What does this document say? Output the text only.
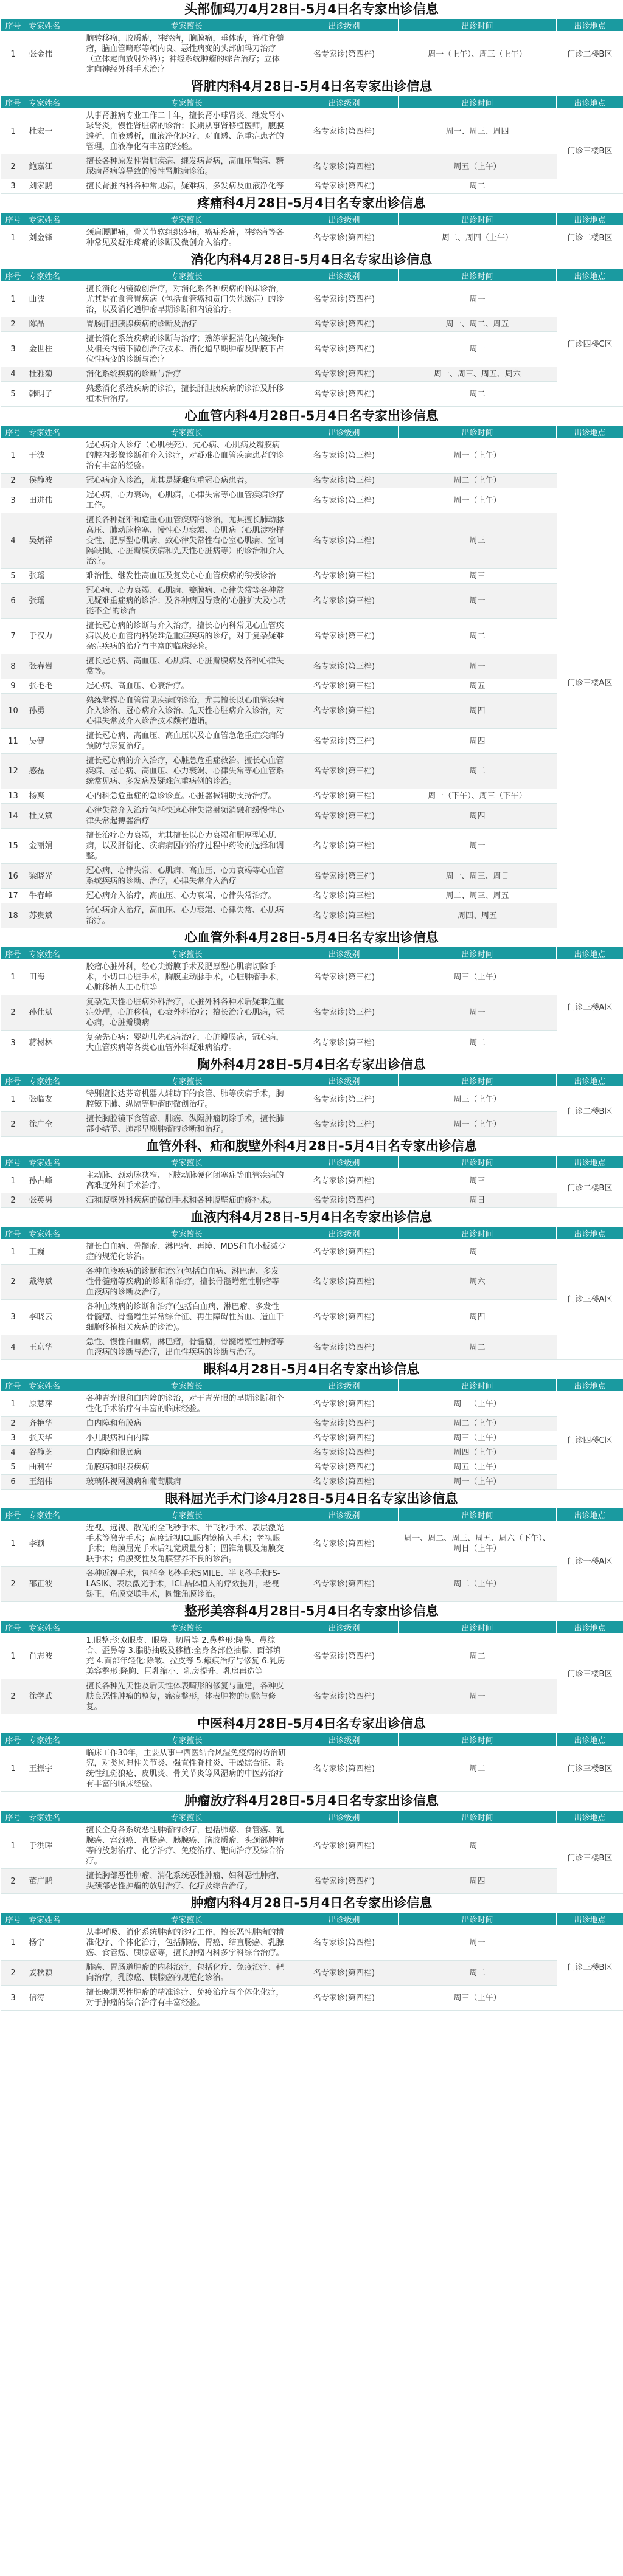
头部伽玛刀4月28日-5月4日名专家出诊信息
序号	专家姓名	专家擅长	出诊级别	出诊时间	出诊地点
1	张金伟	脑转移瘤，胶质瘤，神经瘤，脑膜瘤，垂体瘤，脊柱脊髓瘤，脑血管畸形等颅内良、恶性病变的头部伽玛刀治疗（立体定向放射外科）；神经系统肿瘤的综合治疗；立体定向神经外科手术治疗	名专家诊(第四档)	周一（上午）、周三（上午）	门诊二楼B区
肾脏内科4月28日-5月4日名专家出诊信息
序号	专家姓名	专家擅长	出诊级别	出诊时间	出诊地点
1	杜宏一	从事肾脏病专业工作二十年，擅长肾小球肾炎、继发肾小球肾炎，慢性肾脏病的诊治；长期从事肾移植医师，腹膜透析，血液透析，血液净化医疗，对血透、危重症患者的管理，血液净化有丰富的经验。	名专家诊(第四档)	周一、周三、周四	门诊三楼B区
2	鲍嘉江	擅长各种原发性肾脏疾病、继发病肾病，高血压肾病、糖尿病肾病等导致的慢性肾脏病诊治。	名专家诊(第四档)	周五（上午）	
3	刘家鹏	擅长肾脏内科各种常见病，疑难病，多发病及血液净化等	名专家诊(第四档)	周二	
疼痛科4月28日-5月4日名专家出诊信息
序号	专家姓名	专家擅长	出诊级别	出诊时间	出诊地点
1	刘金锋	颈肩腰腿痛，骨关节软组织疼痛，癌症疼痛，神经痛等各种常见及疑难疼痛的诊断及微创介入治疗。	名专家诊(第四档)	周二、周四（上午）	门诊二楼B区
消化内科4月28日-5月4日名专家出诊信息
序号	专家姓名	专家擅长	出诊级别	出诊时间	出诊地点
1	曲波	擅长消化内镜微创治疗，对消化系各种疾病的临床诊治，尤其是在食管胃疾病（包括食管癌和贲门失弛缓症）的诊治，以及消化道肿瘤早期诊断和内镜治疗。	名专家诊(第四档)	周一	门诊四楼C区
2	陈晶	胃肠肝胆胰腺疾病的诊断及治疗	名专家诊(第四档)	周一、周二、周五	
3	金世柱	擅长消化系统疾病的诊断与治疗；熟练掌握消化内镜操作及相关内镜下微创治疗技术、消化道早期肿瘤及贴膜下占位性病变的诊断与治疗	名专家诊(第四档)	周一	
4	杜雅菊	消化系统疾病的诊断与治疗	名专家诊(第四档)	周一、周三、周五、周六	
5	韩明子	熟悉消化系统疾病的诊治，擅长肝胆胰疾病的诊治及肝移植术后治疗。	名专家诊(第四档)	周二	
心血管内科4月28日-5月4日名专家出诊信息
序号	专家姓名	专家擅长	出诊级别	出诊时间	出诊地点
1	于波	冠心病介入诊疗（心肌梗死）、先心病、心肌病及瓣膜病的腔内影像诊断和介入诊疗，对疑难心血管疾病患者的诊治有丰富的经验。	名专家诊(第三档)	周一（上午）	门诊三楼A区
2	侯静波	冠心病介入诊治，尤其是疑难危重冠心病患者。	名专家诊(第三档)	周二（上午）	
3	田进伟	冠心病，心力衰竭，心肌病，心律失常等心血管疾病诊疗工作。	名专家诊(第三档)	周一（上午）	
4	吴炳祥	擅长各种疑难和危重心血管疾病的诊治，尤其擅长肺动脉高压、肺动脉栓塞、慢性心力衰竭、心肌病（心肌淀粉样变性、肥厚型心肌病、致心律失常性右心室心肌病、室间隔缺损、心脏瓣膜疾病和先天性心脏病等）的诊治和介入治疗。	名专家诊(第三档)	周三	
5	张瑶	难治性、继发性高血压及复发心心血管疾病的积极诊治	名专家诊(第三档)	周三	
6	张瑶	冠心病、心力衰竭、心肌病、瓣膜病、心律失常等各种常见疑难重症病的诊治；及各种病因导致的'心脏扩大及心功能不全'的诊治	名专家诊(第三档)	周一	
7	于汉力	擅长冠心病的诊断与介入治疗，擅长心内科常见心血管疾病以及心血管内科疑难危重症疾病的诊疗，对于复杂疑难杂症疾病的治疗有丰富的临床经验。	名专家诊(第三档)	周二	
8	张春岩	擅长冠心病、高血压、心肌病、心脏瓣膜病及各种心律失常等。	名专家诊(第三档)	周一	
9	张毛毛	冠心病、高血压、心衰治疗。	名专家诊(第三档)	周五	
10	孙勇	熟练掌握心血管常见疾病的诊治，尤其擅长以心血管疾病介入诊治、冠心病介入诊治、先天性心脏病介入诊治，对心律失常及介入诊治技术颇有造诣。	名专家诊(第三档)	周四	
11	吴健	擅长冠心病、高血压、高血压以及心血管急危重症疾病的预防与康复治疗。	名专家诊(第三档)	周四	
12	感磊	擅长冠心病的介入治疗，心脏急危重症救治。擅长心血管疾病、冠心病、高血压、心力衰竭、心律失常等心血管系统常见病、多发病及疑难危重病例的诊治。	名专家诊(第三档)	周二	
13	杨爽	心内科急危重症的急诊诊查。心脏器械辅助支持治疗。	名专家诊(第三档)	周一（下午）、周三（下午）	
14	杜文斌	心律失常介入治疗包括快速心律失常射频消融和缓慢性心律失常起搏器治疗	名专家诊(第三档)	周四	
15	金丽娟	擅长治疗心力衰竭，尤其擅长以心力衰竭和肥厚型心肌病，以及肝衍化、疾病病因的治疗过程中药物的选择和调整。	名专家诊(第三档)	周一	
16	梁晓光	冠心病、心律失常、心肌病、高血压、心力衰竭等心血管系统疾病的诊断、治疗，心律失常介入治疗	名专家诊(第三档)	周一、周三、周日	
17	牛春峰	冠心病介入治疗，高血压、心力衰竭、心律失常治疗。	名专家诊(第三档)	周二、周三、周五	
18	苏贵斌	冠心病介入治疗，高血压、心力衰竭、心律失常、心肌病治疗。	名专家诊(第三档)	周四、周五	
心血管外科4月28日-5月4日名专家出诊信息
序号	专家姓名	专家擅长	出诊级别	出诊时间	出诊地点
1	田海	胶瘤心脏外科，经心尖瓣膜手术及肥厚型心肌病切除手术，小切口心脏手术，胸腹主动脉手术，心脏肿瘤手术，心脏移植人工心脏等	名专家诊(第三档)	周三（上午）	门诊三楼A区
2	孙仕斌	复杂先天性心脏病外科治疗，心脏外科各种术后疑难危重症处理，心脏移植，心衰外科治疗；擅长治疗心肌病，冠心病，心脏瓣膜病	名专家诊(第三档)	周一	
3	蒋树林	复杂先心病：婴幼儿先心病治疗，心脏瓣膜病，冠心病，大血管疾病等各类心血管外科疑难病治疗。	名专家诊(第三档)	周二	
胸外科4月28日-5月4日名专家出诊信息
序号	专家姓名	专家擅长	出诊级别	出诊时间	出诊地点
1	张临友	特别擅长达芬奇机器人辅助下的食管、肺等疾病手术，胸腔镜下肺、纵隔等肿瘤的微创治疗。	名专家诊(第三档)	周三（上午）	门诊二楼B区
2	徐广全	擅长胸腔镜下食管癌、肺癌、纵隔肿瘤切除手术，擅长肺部小结节、肺部早期肿瘤的诊断和治疗。	名专家诊(第三档)	周一（上午）	
血管外科、疝和腹壁外科4月28日-5月4日名专家出诊信息
序号	专家姓名	专家擅长	出诊级别	出诊时间	出诊地点
1	孙占峰	主动脉、颈动脉狭窄、下肢动脉硬化闭塞症等血管疾病的高难度外科手术治疗。	名专家诊(第四档)	周三	门诊二楼B区
2	张英男	疝和腹壁外科疾病的微创手术和各种腹壁疝的修补术。	名专家诊(第四档)	周日	
血液内科4月28日-5月4日名专家出诊信息
序号	专家姓名	专家擅长	出诊级别	出诊时间	出诊地点
1	王巍	擅长白血病、骨髓瘤、淋巴瘤、再障、MDS和血小板减少症的规范化诊治。	名专家诊(第四档)	周一	门诊三楼A区
2	戴海斌	各种血液疾病的诊断和治疗(包括白血病、淋巴瘤、多发性骨髓瘤等疾病)的诊断和治疗，擅长骨髓增殖性肿瘤等血液病的诊断及治疗。	名专家诊(第四档)	周六	
3	李晓云	各种血液病的诊断和治疗(包括白血病、淋巴瘤、多发性骨髓瘤、骨髓增生异常综合征、再生障碍性贫血、造血干细胞移植相关疾病的诊治)。	名专家诊(第四档)	周四	
4	王京华	急性、慢性白血病，淋巴瘤，骨髓瘤，骨髓增殖性肿瘤等血液病的诊断与治疗，出血性疾病的诊断与治疗。	名专家诊(第四档)	周二	
眼科4月28日-5月4日名专家出诊信息
序号	专家姓名	专家擅长	出诊级别	出诊时间	出诊地点
1	原慧萍	各种青光眼和白内障的诊治，对于青光眼的早期诊断和个性化手术治疗有丰富的临床经验。	名专家诊(第四档)	周一（上午）	门诊四楼C区
2	齐艳华	白内障和角膜病	名专家诊(第四档)	周二（上午）	
3	张天华	小儿眼病和白内障	名专家诊(第四档)	周三（上午）	
4	谷静芝	白内障和眼底病	名专家诊(第四档)	周四（上午）	
5	曲利军	角膜病和眼表疾病	名专家诊(第四档)	周五（上午）	
6	王绍伟	玻璃体视网膜病和葡萄膜病	名专家诊(第四档)	周一（上午）	
眼科屈光手术门诊4月28日-5月4日名专家出诊信息
序号	专家姓名	专家擅长	出诊级别	出诊时间	出诊地点
1	李颖	近视、远视、散光的全飞秒手术、半飞秒手术、表层激光手术等激光手术；高度近视ICL眼内镜植入手术；老视眼手术；角膜屈光手术后视觉质量分析；圆锥角膜及角膜交联手术；角膜变性及角膜营养不良的诊治。	名专家诊(第四档)	周一、周二、周三、周五、周六（下午）、周日（上午）	门诊一楼A区
2	邵正波	各种近视手术，包括全飞秒手术SMILE、半飞秒手术FS-LASIK、表层激光手术，ICL晶体植入的疗效提升，老视矫正，角膜交联手术，圆锥角膜诊治。	名专家诊(第四档)	周二（上午）	
整形美容科4月28日-5月4日名专家出诊信息
序号	专家姓名	专家擅长	出诊级别	出诊时间	出诊地点
1	肖志波	1.眼整形:双眼皮、眼袋、切眉等 2.鼻整形:隆鼻、鼻综合、歪鼻等 3.脂肪抽吸及移植:全身各部位抽脂、面部填充 4.面部年轻化:除皱、拉皮等 5.瘢痕治疗与修复 6.乳房美容整形:隆胸、巨乳缩小、乳房提升、乳房再造等	名专家诊(第四档)	周二	门诊三楼B区
2	徐学武	擅长各种先天性及后天性体表畸形的修复与重建，各种皮肤良恶性肿瘤的整复，瘢痕整形，体表肿物的切除与修复。	名专家诊(第四档)	周一	
中医科4月28日-5月4日名专家出诊信息
序号	专家姓名	专家擅长	出诊级别	出诊时间	出诊地点
1	王振宇	临床工作30年，主要从事中西医结合风湿免疫病的防治研究，对类风湿性关节炎、强直性脊柱炎、干燥综合征、系统性红斑狼疮、皮肌炎、骨关节炎等风湿病的中医药治疗有丰富的临床经验。	名专家诊(第四档)	周二	门诊三楼B区
肿瘤放疗科4月28日-5月4日名专家出诊信息
序号	专家姓名	专家擅长	出诊级别	出诊时间	出诊地点
1	于洪晖	擅长全身各系统恶性肿瘤的诊疗，包括肺癌、食管癌、乳腺癌、宫颈癌、直肠癌、胰腺癌、脑胶质瘤、头颈部肿瘤等的放射治疗、化学治疗、免疫治疗、靶向治疗及综合治疗。	名专家诊(第四档)	周一	门诊三楼B区
2	董广鹏	擅长胸部恶性肿瘤、消化系统恶性肿瘤、妇科恶性肿瘤、头颈部恶性肿瘤的放射治疗、化疗及综合治疗。	名专家诊(第四档)	周四	
肿瘤内科4月28日-5月4日名专家出诊信息
序号	专家姓名	专家擅长	出诊级别	出诊时间	出诊地点
1	杨宇	从事呼吸、消化系统肿瘤的诊疗工作，擅长恶性肿瘤的精准化疗、个体化治疗，包括肺癌、胃癌、结直肠癌、乳腺癌、食管癌、胰腺癌等，擅长肿瘤内科多学科综合治疗。	名专家诊(第四档)	周一	门诊三楼B区
2	姜秋颖	肺癌、胃肠道肿瘤的内科治疗，包括化疗、免疫治疗、靶向治疗，乳腺癌、胰腺癌的规范化诊治。	名专家诊(第四档)	周二	
3	信涛	擅长晚期恶性肿瘤的精准诊疗、免疫治疗与个体化化疗，对于肿瘤的综合治疗有丰富经验。	名专家诊(第四档)	周三（上午）	
